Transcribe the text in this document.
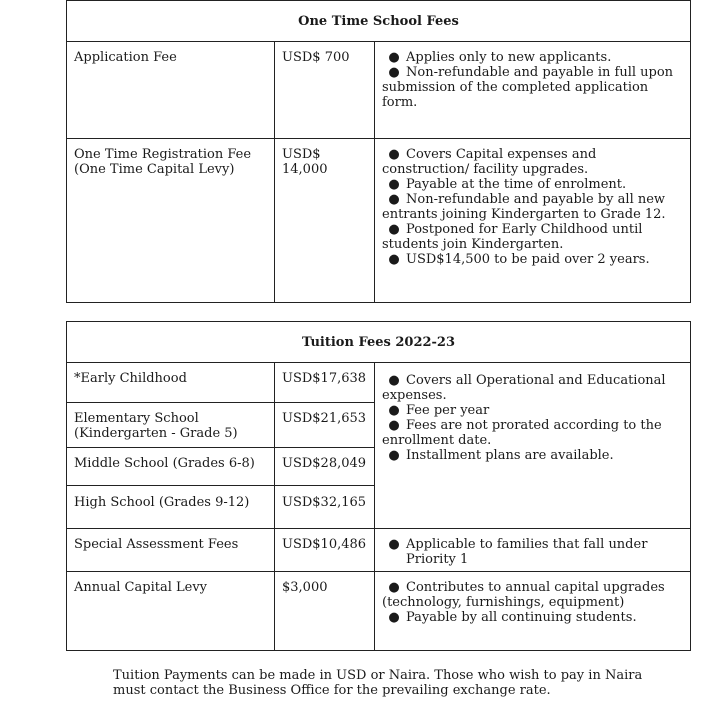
One Time School Fees		

Application Fee	USD$ 700	● Applies only to new applicants.
● Non-refundable and payable in full upon submission of the completed application form.

One Time Registration Fee (One Time Capital Levy)	USD$ 14,000	● Covers Capital expenses and construction/ facility upgrades.
● Payable at the time of enrolment.
● Non-refundable and payable by all new entrants joining Kindergarten to Grade 12.
● Postponed for Early Childhood until students join Kindergarten.
● USD$14,500 to be paid over 2 years.
Tuition Fees 2022-23		

*Early Childhood	USD$17,638	● Covers all Operational and Educational expenses.
● Fee per year
● Fees are not prorated according to the enrollment date.
● Installment plans are available.

Elementary School (Kindergarten - Grade 5)	USD$21,653	

Middle School (Grades 6-8)	USD$28,049	

High School (Grades 9-12)	USD$32,165	

Special Assessment Fees	USD$10,486	● Applicable to families that fall under Priority 1

Annual Capital Levy	$3,000	● Contributes to annual capital upgrades (technology, furnishings, equipment)
● Payable by all continuing students.
Tuition Payments can be made in USD or Naira. Those who wish to pay in Naira must contact the Business Office for the prevailing exchange rate.
